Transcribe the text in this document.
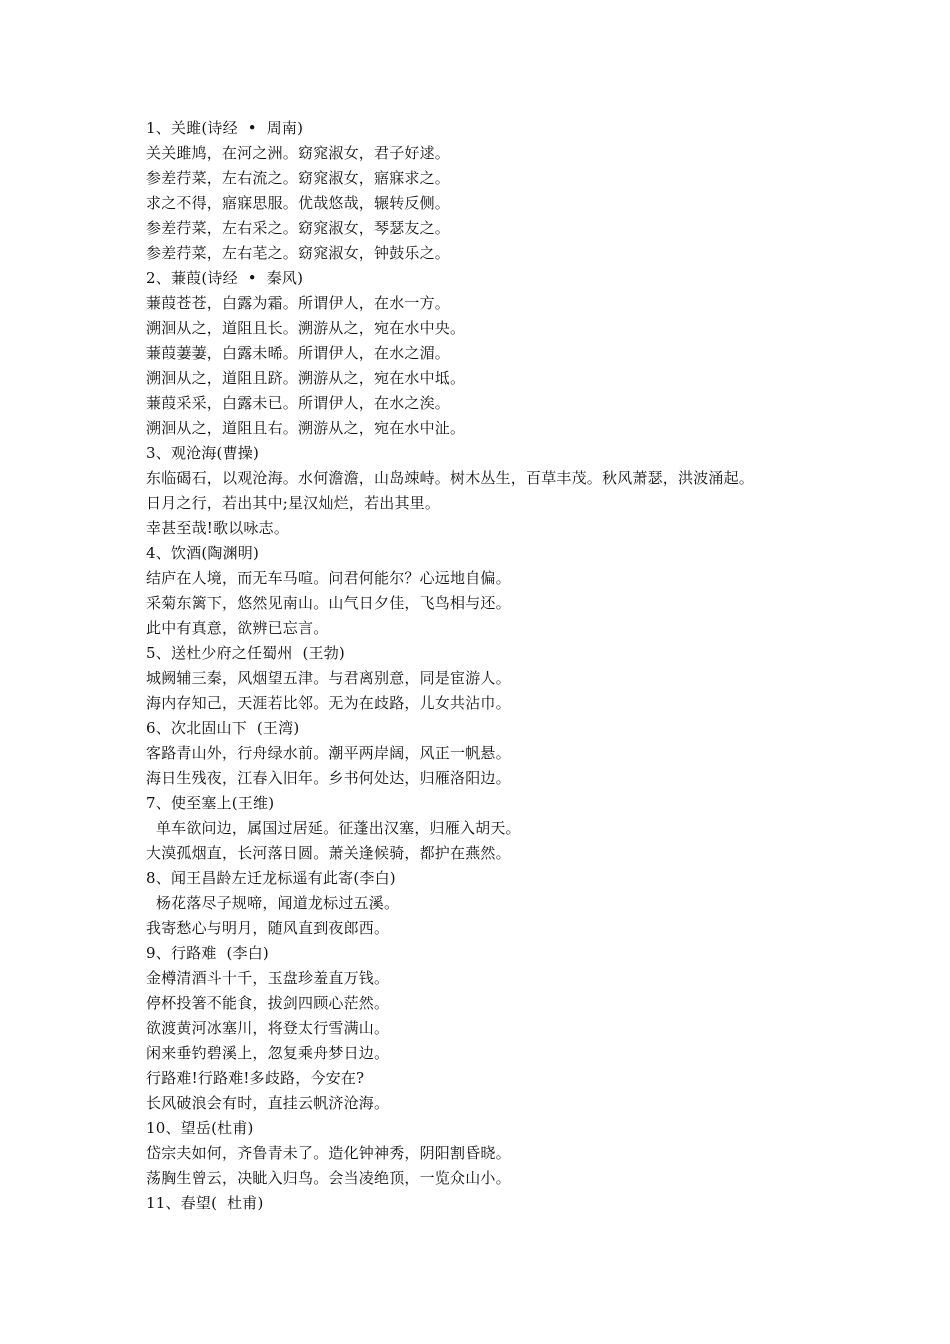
1、关雎(诗经  •  周南)
关关雎鸠，在河之洲。窈窕淑女，君子好逑。
参差荇菜，左右流之。窈窕淑女，寤寐求之。
求之不得，寤寐思服。优哉悠哉，辗转反侧。
参差荇菜，左右采之。窈窕淑女，琴瑟友之。
参差荇菜，左右芼之。窈窕淑女，钟鼓乐之。
2、蒹葭(诗经  •  秦风)
蒹葭苍苍，白露为霜。所谓伊人，在水一方。
溯洄从之，道阻且长。溯游从之，宛在水中央。
蒹葭萋萋，白露未晞。所谓伊人，在水之湄。
溯洄从之，道阻且跻。溯游从之，宛在水中坻。
蒹葭采采，白露未已。所谓伊人，在水之涘。
溯洄从之，道阻且右。溯游从之，宛在水中沚。
3、观沧海(曹操)
东临碣石，以观沧海。水何澹澹，山岛竦峙。树木丛生，百草丰茂。秋风萧瑟，洪波涌起。
日月之行，若出其中;星汉灿烂，若出其里。
幸甚至哉!歌以咏志。
4、饮酒(陶渊明)
结庐在人境，而无车马喧。问君何能尔？心远地自偏。
采菊东篱下，悠然见南山。山气日夕佳，飞鸟相与还。
此中有真意，欲辨已忘言。
5、送杜少府之任蜀州  (王勃)
城阙辅三秦，风烟望五津。与君离别意，同是宦游人。
海内存知己，天涯若比邻。无为在歧路，儿女共沾巾。
6、次北固山下  (王湾)
客路青山外，行舟绿水前。潮平两岸阔，风正一帆悬。
海日生残夜，江春入旧年。乡书何处达，归雁洛阳边。
7、使至塞上(王维)
单车欲问边，属国过居延。征蓬出汉塞，归雁入胡天。
大漠孤烟直，长河落日圆。萧关逢候骑，都护在燕然。
8、闻王昌龄左迁龙标遥有此寄(李白)
杨花落尽子规啼，闻道龙标过五溪。
我寄愁心与明月，随风直到夜郎西。
9、行路难  (李白)
金樽清酒斗十千，玉盘珍羞直万钱。
停杯投箸不能食，拔剑四顾心茫然。
欲渡黄河冰塞川，将登太行雪满山。
闲来垂钓碧溪上，忽复乘舟梦日边。
行路难!行路难!多歧路，今安在?
长风破浪会有时，直挂云帆济沧海。
10、望岳(杜甫)
岱宗夫如何，齐鲁青未了。造化钟神秀，阴阳割昏晓。
荡胸生曾云，决眦入归鸟。会当凌绝顶，一览众山小。
11、春望(  杜甫)
